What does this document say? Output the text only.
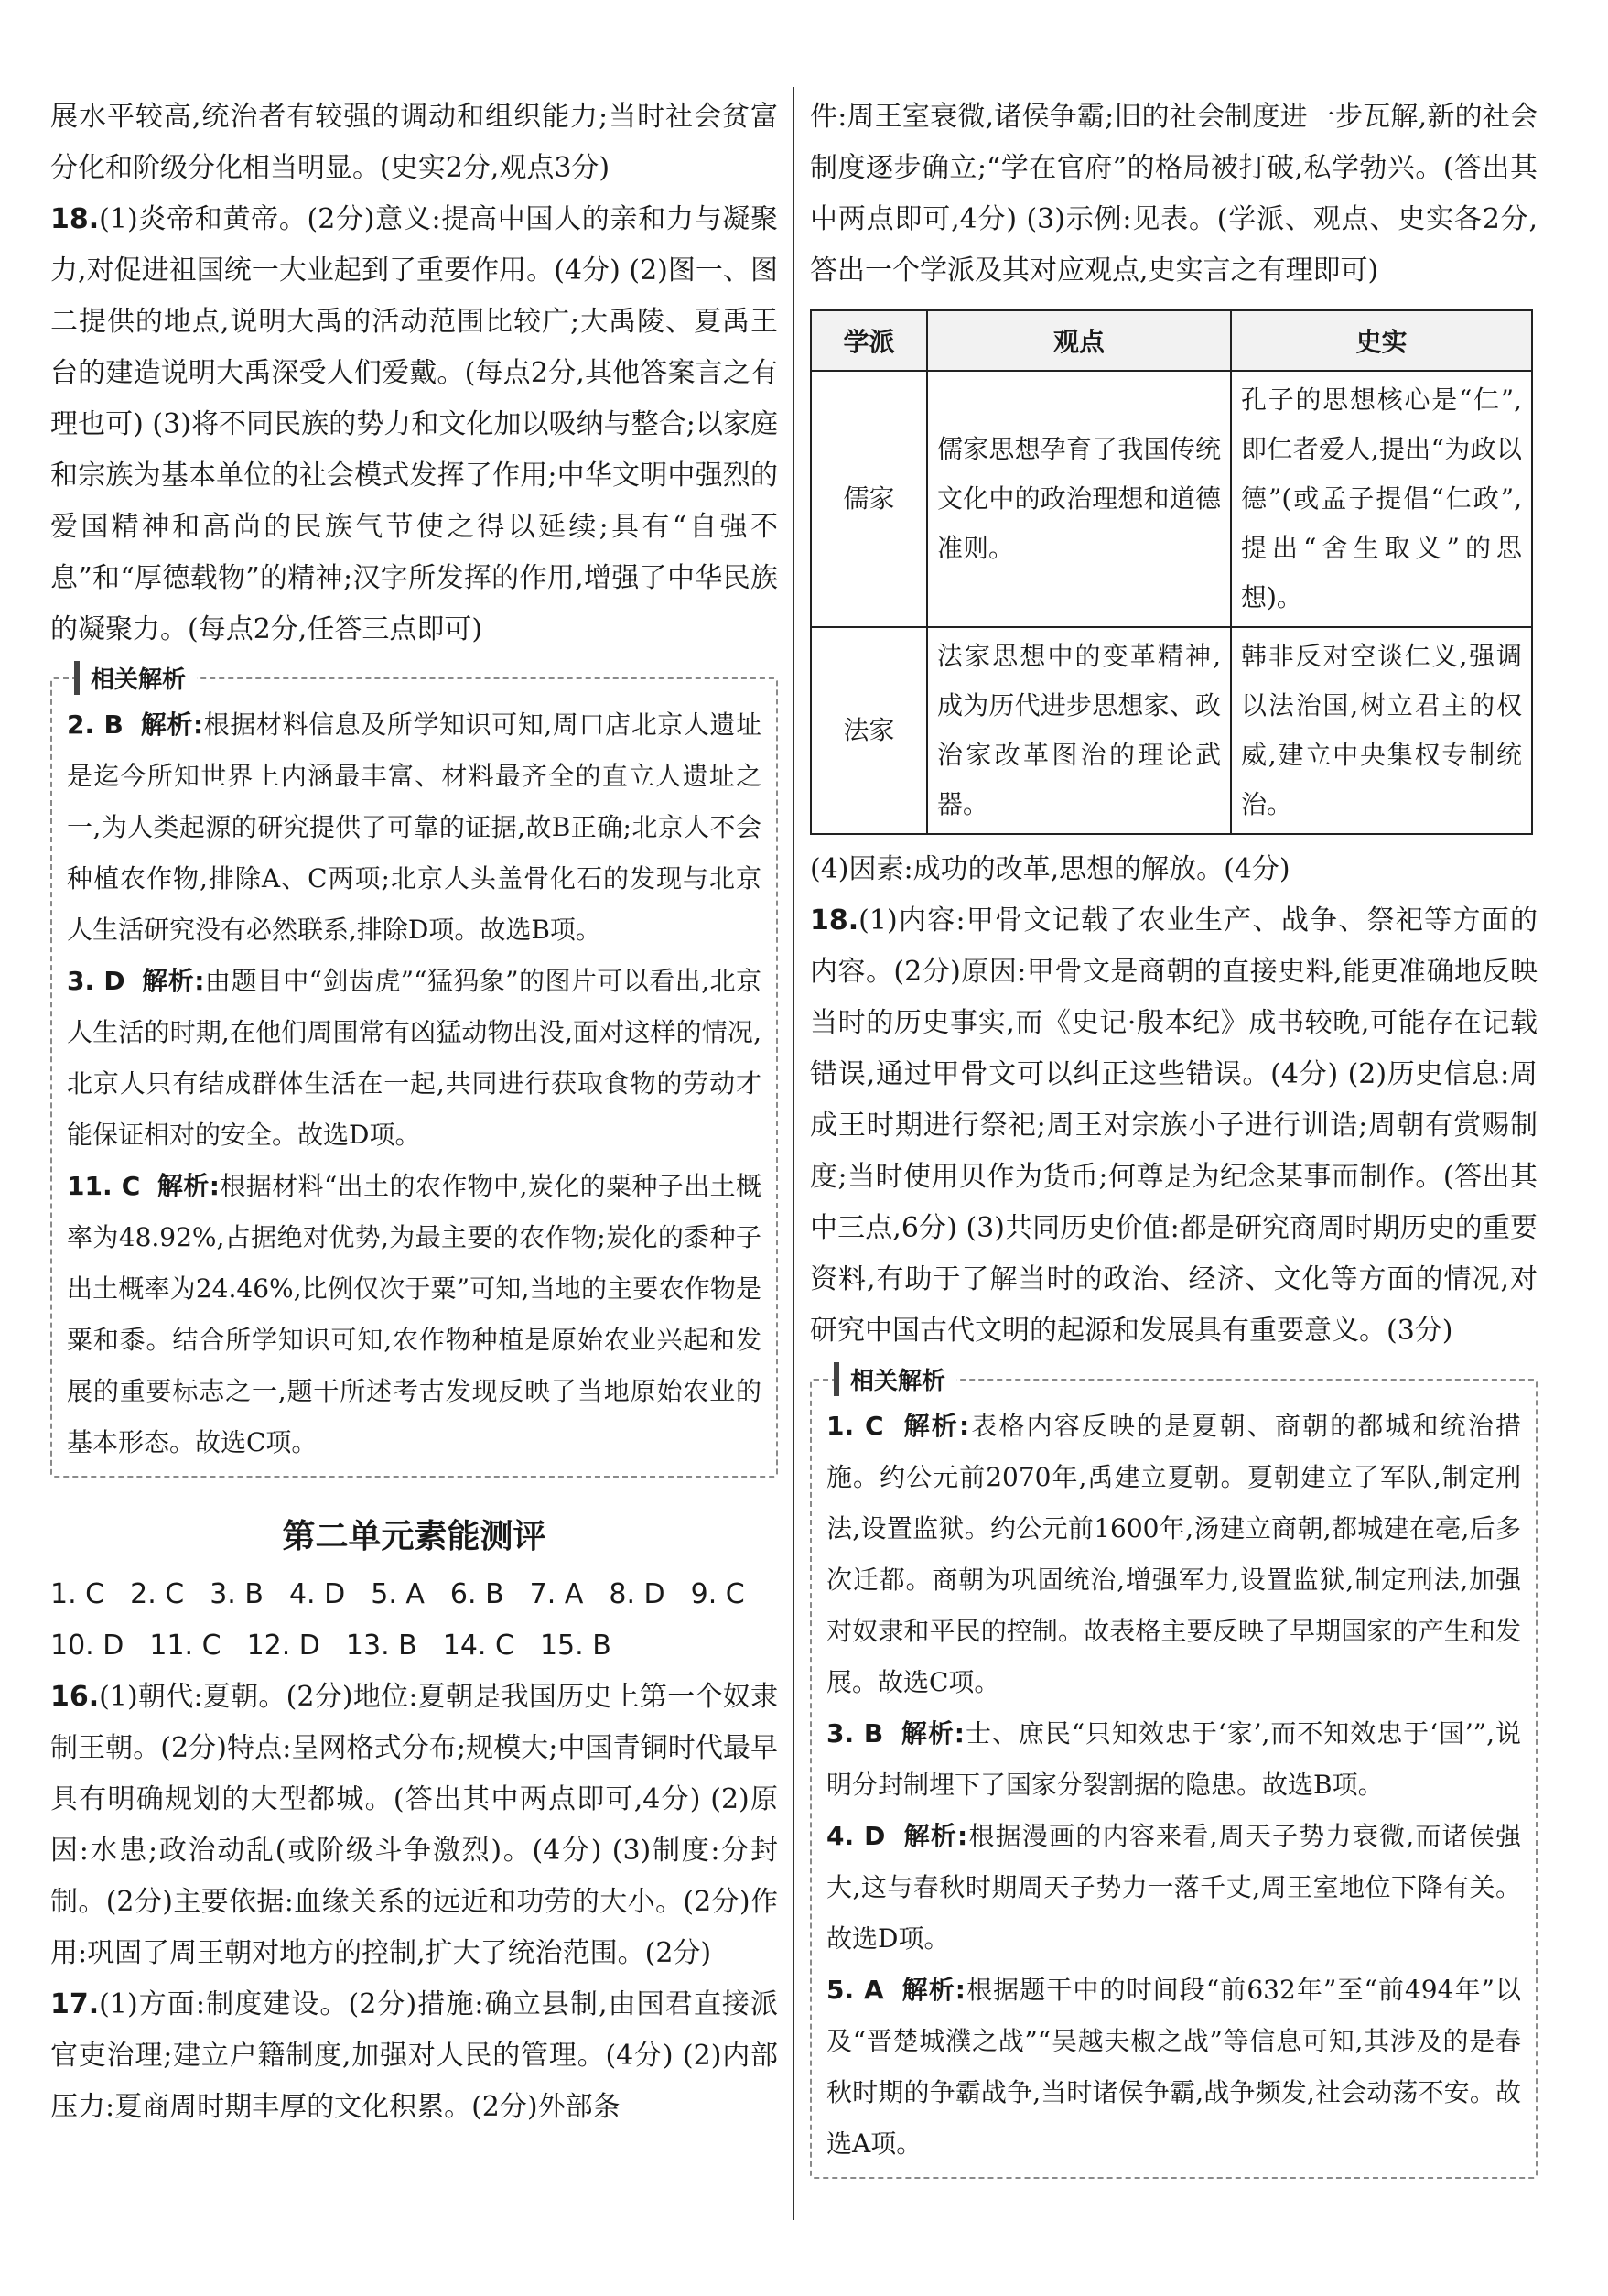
展水平较高,统治者有较强的调动和组织能力;当时社会贫富分化和阶级分化相当明显。(史实2分,观点3分)
18.(1)炎帝和黄帝。(2分)意义:提高中国人的亲和力与凝聚力,对促进祖国统一大业起到了重要作用。(4分) (2)图一、图二提供的地点,说明大禹的活动范围比较广;大禹陵、夏禹王台的建造说明大禹深受人们爱戴。(每点2分,其他答案言之有理也可) (3)将不同民族的势力和文化加以吸纳与整合;以家庭和宗族为基本单位的社会模式发挥了作用;中华文明中强烈的爱国精神和高尚的民族气节使之得以延续;具有“自强不息”和“厚德载物”的精神;汉字所发挥的作用,增强了中华民族的凝聚力。(每点2分,任答三点即可)
相关解析
2. B 解析:根据材料信息及所学知识可知,周口店北京人遗址是迄今所知世界上内涵最丰富、材料最齐全的直立人遗址之一,为人类起源的研究提供了可靠的证据,故B正确;北京人不会种植农作物,排除A、C两项;北京人头盖骨化石的发现与北京人生活研究没有必然联系,排除D项。故选B项。
3. D 解析:由题目中“剑齿虎”“猛犸象”的图片可以看出,北京人生活的时期,在他们周围常有凶猛动物出没,面对这样的情况,北京人只有结成群体生活在一起,共同进行获取食物的劳动才能保证相对的安全。故选D项。
11. C 解析:根据材料“出土的农作物中,炭化的粟种子出土概率为48.92%,占据绝对优势,为最主要的农作物;炭化的黍种子出土概率为24.46%,比例仅次于粟”可知,当地的主要农作物是粟和黍。结合所学知识可知,农作物种植是原始农业兴起和发展的重要标志之一,题干所述考古发现反映了当地原始农业的基本形态。故选C项。
第二单元素能测评
1. C 2. C 3. B 4. D 5. A 6. B 7. A 8. D 9. C
10. D 11. C 12. D 13. B 14. C 15. B
16.(1)朝代:夏朝。(2分)地位:夏朝是我国历史上第一个奴隶制王朝。(2分)特点:呈网格式分布;规模大;中国青铜时代最早具有明确规划的大型都城。(答出其中两点即可,4分) (2)原因:水患;政治动乱(或阶级斗争激烈)。(4分) (3)制度:分封制。(2分)主要依据:血缘关系的远近和功劳的大小。(2分)作用:巩固了周王朝对地方的控制,扩大了统治范围。(2分)
17.(1)方面:制度建设。(2分)措施:确立县制,由国君直接派官吏治理;建立户籍制度,加强对人民的管理。(4分) (2)内部压力:夏商周时期丰厚的文化积累。(2分)外部条
件:周王室衰微,诸侯争霸;旧的社会制度进一步瓦解,新的社会制度逐步确立;“学在官府”的格局被打破,私学勃兴。(答出其中两点即可,4分) (3)示例:见表。(学派、观点、史实各2分,答出一个学派及其对应观点,史实言之有理即可)
学派	观点	史实
儒家	儒家思想孕育了我国传统文化中的政治理想和道德准则。	孔子的思想核心是“仁”,即仁者爱人,提出“为政以德”(或孟子提倡“仁政”,提出“舍生取义”的思想)。
法家	法家思想中的变革精神,成为历代进步思想家、政治家改革图治的理论武器。	韩非反对空谈仁义,强调以法治国,树立君主的权威,建立中央集权专制统治。
(4)因素:成功的改革,思想的解放。(4分)
18.(1)内容:甲骨文记载了农业生产、战争、祭祀等方面的内容。(2分)原因:甲骨文是商朝的直接史料,能更准确地反映当时的历史事实,而《史记·殷本纪》成书较晚,可能存在记载错误,通过甲骨文可以纠正这些错误。(4分) (2)历史信息:周成王时期进行祭祀;周王对宗族小子进行训诰;周朝有赏赐制度;当时使用贝作为货币;何尊是为纪念某事而制作。(答出其中三点,6分) (3)共同历史价值:都是研究商周时期历史的重要资料,有助于了解当时的政治、经济、文化等方面的情况,对研究中国古代文明的起源和发展具有重要意义。(3分)
相关解析
1. C 解析:表格内容反映的是夏朝、商朝的都城和统治措施。约公元前2070年,禹建立夏朝。夏朝建立了军队,制定刑法,设置监狱。约公元前1600年,汤建立商朝,都城建在亳,后多次迁都。商朝为巩固统治,增强军力,设置监狱,制定刑法,加强对奴隶和平民的控制。故表格主要反映了早期国家的产生和发展。故选C项。
3. B 解析:士、庶民“只知效忠于‘家’,而不知效忠于‘国’”,说明分封制埋下了国家分裂割据的隐患。故选B项。
4. D 解析:根据漫画的内容来看,周天子势力衰微,而诸侯强大,这与春秋时期周天子势力一落千丈,周王室地位下降有关。故选D项。
5. A 解析:根据题干中的时间段“前632年”至“前494年”以及“晋楚城濮之战”“吴越夫椒之战”等信息可知,其涉及的是春秋时期的争霸战争,当时诸侯争霸,战争频发,社会动荡不安。故选A项。
